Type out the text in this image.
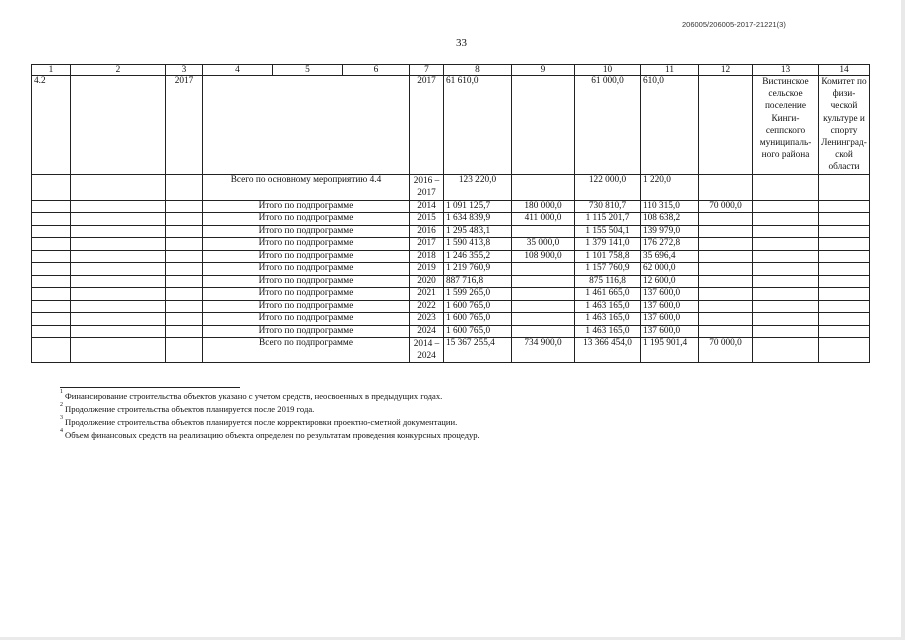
206005/206005-2017-21221(3)
33
1	2	3	4	5	6	7	8	9	10	11	12	13	14
4.2		2017				2017	61 610,0		61 000,0	610,0		Вистинское сельское поселение Кинги-сеппского муниципаль-ного района	Комитет по физи-ческой культуре и спорту Ленинград-ской области
			Всего по основному мероприятию 4.4			2016 – 2017	123 220,0		122 000,0	1 220,0			
			Итого по подпрограмме			2014	1 091 125,7	180 000,0	730 810,7	110 315,0	70 000,0		
			Итого по подпрограмме			2015	1 634 839,9	411 000,0	1 115 201,7	108 638,2			
			Итого по подпрограмме			2016	1 295 483,1		1 155 504,1	139 979,0			
			Итого по подпрограмме			2017	1 590 413,8	35 000,0	1 379 141,0	176 272,8			
			Итого по подпрограмме			2018	1 246 355,2	108 900,0	1 101 758,8	35 696,4			
			Итого по подпрограмме			2019	1 219 760,9		1 157 760,9	62 000,0			
			Итого по подпрограмме			2020	887 716,8		875 116,8	12 600,0			
			Итого по подпрограмме			2021	1 599 265,0		1 461 665,0	137 600,0			
			Итого по подпрограмме			2022	1 600 765,0		1 463 165,0	137 600,0			
			Итого по подпрограмме			2023	1 600 765,0		1 463 165,0	137 600,0			
			Итого по подпрограмме			2024	1 600 765,0		1 463 165,0	137 600,0			
			Всего по подпрограмме			2014 – 2024	15 367 255,4	734 900,0	13 366 454,0	1 195 901,4	70 000,0		
$^1$ Финансирование строительства объектов указано с учетом средств, неосвоенных в предыдущих годах.
$^2$ Продолжение строительства объектов планируется после 2019 года.
$^3$ Продолжение строительства объектов планируется после корректировки проектно-сметной документации.
$^4$ Объем финансовых средств на реализацию объекта определен по результатам проведения конкурсных процедур.
